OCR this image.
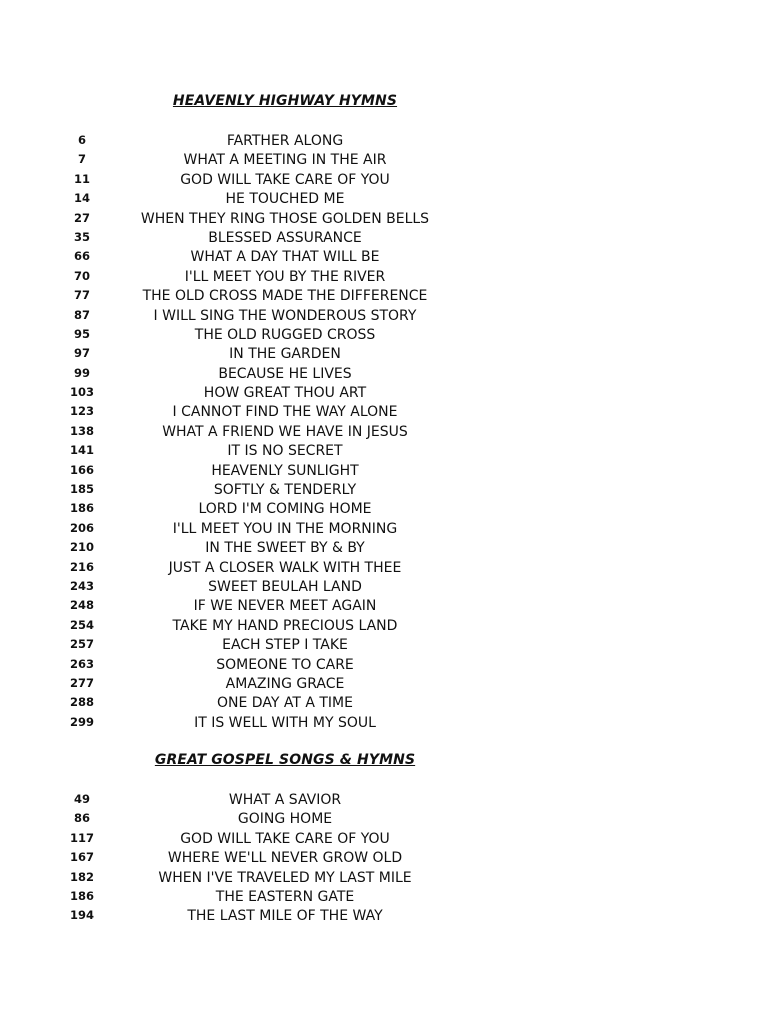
HEAVENLY HIGHWAY HYMNS
6	FARTHER ALONG
7	WHAT A MEETING IN THE AIR
11	GOD WILL TAKE CARE OF YOU
14	HE TOUCHED ME
27	WHEN THEY RING THOSE GOLDEN BELLS
35	BLESSED ASSURANCE
66	WHAT A DAY THAT WILL BE
70	I'LL MEET YOU BY THE RIVER
77	THE OLD CROSS MADE THE DIFFERENCE
87	I WILL SING THE WONDEROUS STORY
95	THE OLD RUGGED CROSS
97	IN THE GARDEN
99	BECAUSE HE LIVES
103	HOW GREAT THOU ART
123	I CANNOT FIND THE WAY ALONE
138	WHAT A FRIEND WE HAVE IN JESUS
141	IT IS NO SECRET
166	HEAVENLY SUNLIGHT
185	SOFTLY & TENDERLY
186	LORD I'M COMING HOME
206	I'LL MEET YOU IN THE MORNING
210	IN THE SWEET BY & BY
216	JUST A CLOSER WALK WITH THEE
243	SWEET BEULAH LAND
248	IF WE NEVER MEET AGAIN
254	TAKE MY HAND PRECIOUS LAND
257	EACH STEP I TAKE
263	SOMEONE TO CARE
277	AMAZING GRACE
288	ONE DAY AT A TIME
299	IT IS WELL WITH MY SOUL
GREAT GOSPEL SONGS & HYMNS
49	WHAT A SAVIOR
86	GOING HOME
117	GOD WILL TAKE CARE OF YOU
167	WHERE WE'LL NEVER GROW OLD
182	WHEN I'VE TRAVELED MY LAST MILE
186	THE EASTERN GATE
194	THE LAST MILE OF THE WAY
